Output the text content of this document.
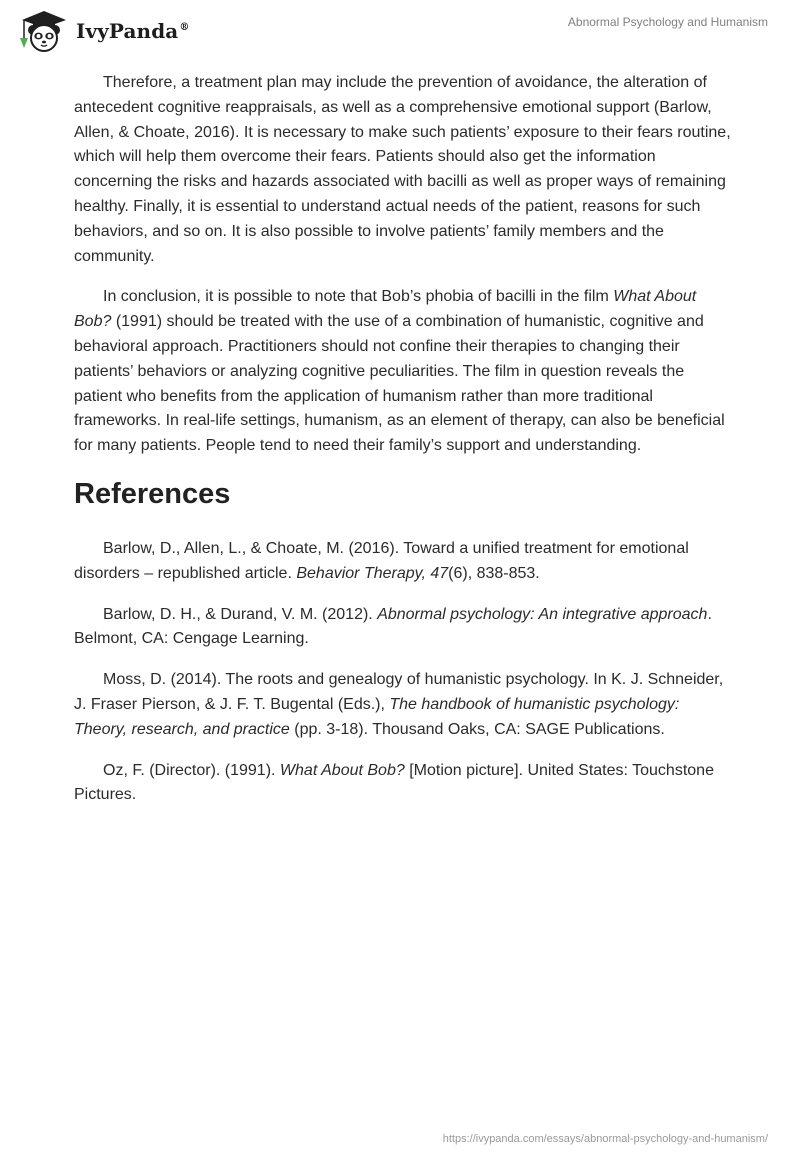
IvyPanda®	Abnormal Psychology and Humanism

Therefore, a treatment plan may include the prevention of avoidance, the alteration of antecedent cognitive reappraisals, as well as a comprehensive emotional support (Barlow, Allen, & Choate, 2016). It is necessary to make such patients’ exposure to their fears routine, which will help them overcome their fears. Patients should also get the information concerning the risks and hazards associated with bacilli as well as proper ways of remaining healthy. Finally, it is essential to understand actual needs of the patient, reasons for such behaviors, and so on. It is also possible to involve patients’ family members and the community.

In conclusion, it is possible to note that Bob’s phobia of bacilli in the film What About Bob? (1991) should be treated with the use of a combination of humanistic, cognitive and behavioral approach. Practitioners should not confine their therapies to changing their patients’ behaviors or analyzing cognitive peculiarities. The film in question reveals the patient who benefits from the application of humanism rather than more traditional frameworks. In real-life settings, humanism, as an element of therapy, can also be beneficial for many patients. People tend to need their family’s support and understanding.

References

Barlow, D., Allen, L., & Choate, M. (2016). Toward a unified treatment for emotional disorders – republished article. Behavior Therapy, 47(6), 838-853.

Barlow, D. H., & Durand, V. M. (2012). Abnormal psychology: An integrative approach. Belmont, CA: Cengage Learning.

Moss, D. (2014). The roots and genealogy of humanistic psychology. In K. J. Schneider, J. Fraser Pierson, & J. F. T. Bugental (Eds.), The handbook of humanistic psychology: Theory, research, and practice (pp. 3-18). Thousand Oaks, CA: SAGE Publications.

Oz, F. (Director). (1991). What About Bob? [Motion picture]. United States: Touchstone Pictures.

https://ivypanda.com/essays/abnormal-psychology-and-humanism/
